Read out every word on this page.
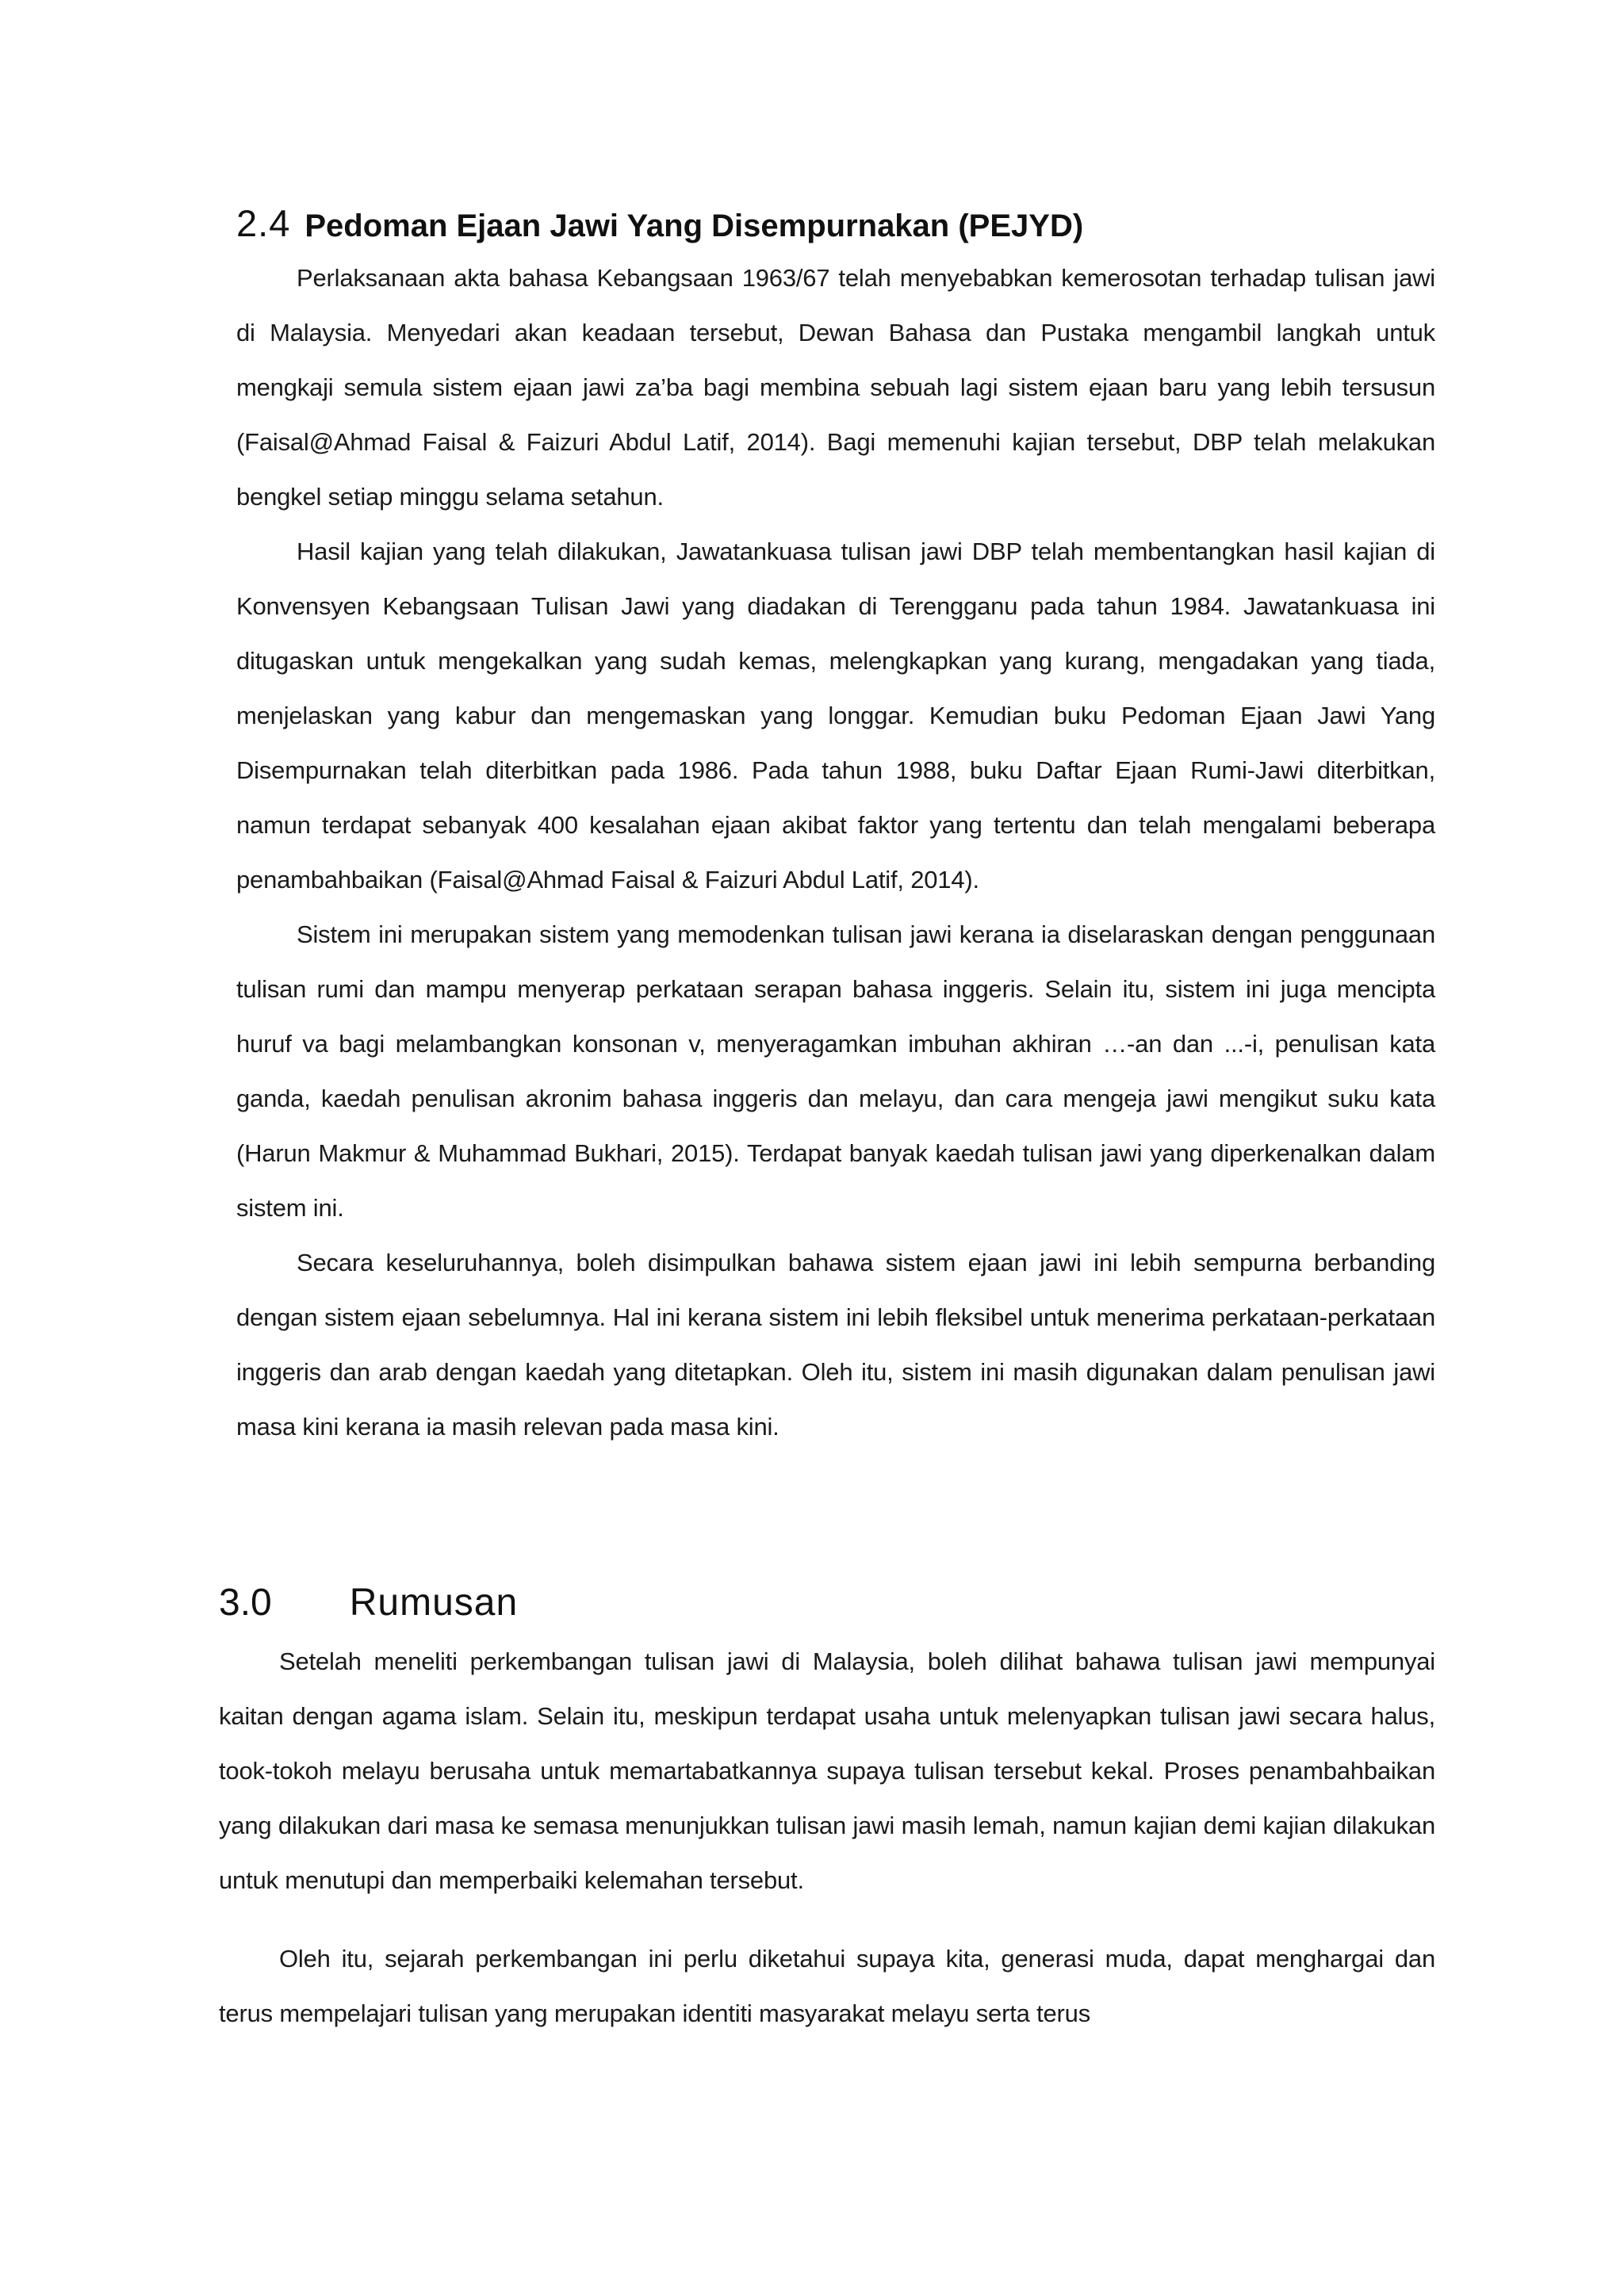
2.4 Pedoman Ejaan Jawi Yang Disempurnakan (PEJYD)

Perlaksanaan akta bahasa Kebangsaan 1963/67 telah menyebabkan kemerosotan terhadap tulisan jawi di Malaysia. Menyedari akan keadaan tersebut, Dewan Bahasa dan Pustaka mengambil langkah untuk mengkaji semula sistem ejaan jawi za’ba bagi membina sebuah lagi sistem ejaan baru yang lebih tersusun (Faisal@Ahmad Faisal & Faizuri Abdul Latif, 2014). Bagi memenuhi kajian tersebut, DBP telah melakukan bengkel setiap minggu selama setahun.

Hasil kajian yang telah dilakukan, Jawatankuasa tulisan jawi DBP telah membentangkan hasil kajian di Konvensyen Kebangsaan Tulisan Jawi yang diadakan di Terengganu pada tahun 1984. Jawatankuasa ini ditugaskan untuk mengekalkan yang sudah kemas, melengkapkan yang kurang, mengadakan yang tiada, menjelaskan yang kabur dan mengemaskan yang longgar. Kemudian buku Pedoman Ejaan Jawi Yang Disempurnakan telah diterbitkan pada 1986. Pada tahun 1988, buku Daftar Ejaan Rumi-Jawi diterbitkan, namun terdapat sebanyak 400 kesalahan ejaan akibat faktor yang tertentu dan telah mengalami beberapa penambahbaikan (Faisal@Ahmad Faisal & Faizuri Abdul Latif, 2014).

Sistem ini merupakan sistem yang memodenkan tulisan jawi kerana ia diselaraskan dengan penggunaan tulisan rumi dan mampu menyerap perkataan serapan bahasa inggeris. Selain itu, sistem ini juga mencipta huruf va bagi melambangkan konsonan v, menyeragamkan imbuhan akhiran …-an dan ...-i, penulisan kata ganda, kaedah penulisan akronim bahasa inggeris dan melayu, dan cara mengeja jawi mengikut suku kata (Harun Makmur & Muhammad Bukhari, 2015). Terdapat banyak kaedah tulisan jawi yang diperkenalkan dalam sistem ini.

Secara keseluruhannya, boleh disimpulkan bahawa sistem ejaan jawi ini lebih sempurna berbanding dengan sistem ejaan sebelumnya. Hal ini kerana sistem ini lebih fleksibel untuk menerima perkataan-perkataan inggeris dan arab dengan kaedah yang ditetapkan. Oleh itu, sistem ini masih digunakan dalam penulisan jawi masa kini kerana ia masih relevan pada masa kini.

3.0 Rumusan

Setelah meneliti perkembangan tulisan jawi di Malaysia, boleh dilihat bahawa tulisan jawi mempunyai kaitan dengan agama islam. Selain itu, meskipun terdapat usaha untuk melenyapkan tulisan jawi secara halus, took-tokoh melayu berusaha untuk memartabatkannya supaya tulisan tersebut kekal. Proses penambahbaikan yang dilakukan dari masa ke semasa menunjukkan tulisan jawi masih lemah, namun kajian demi kajian dilakukan untuk menutupi dan memperbaiki kelemahan tersebut.

Oleh itu, sejarah perkembangan ini perlu diketahui supaya kita, generasi muda, dapat menghargai dan terus mempelajari tulisan yang merupakan identiti masyarakat melayu serta terus
